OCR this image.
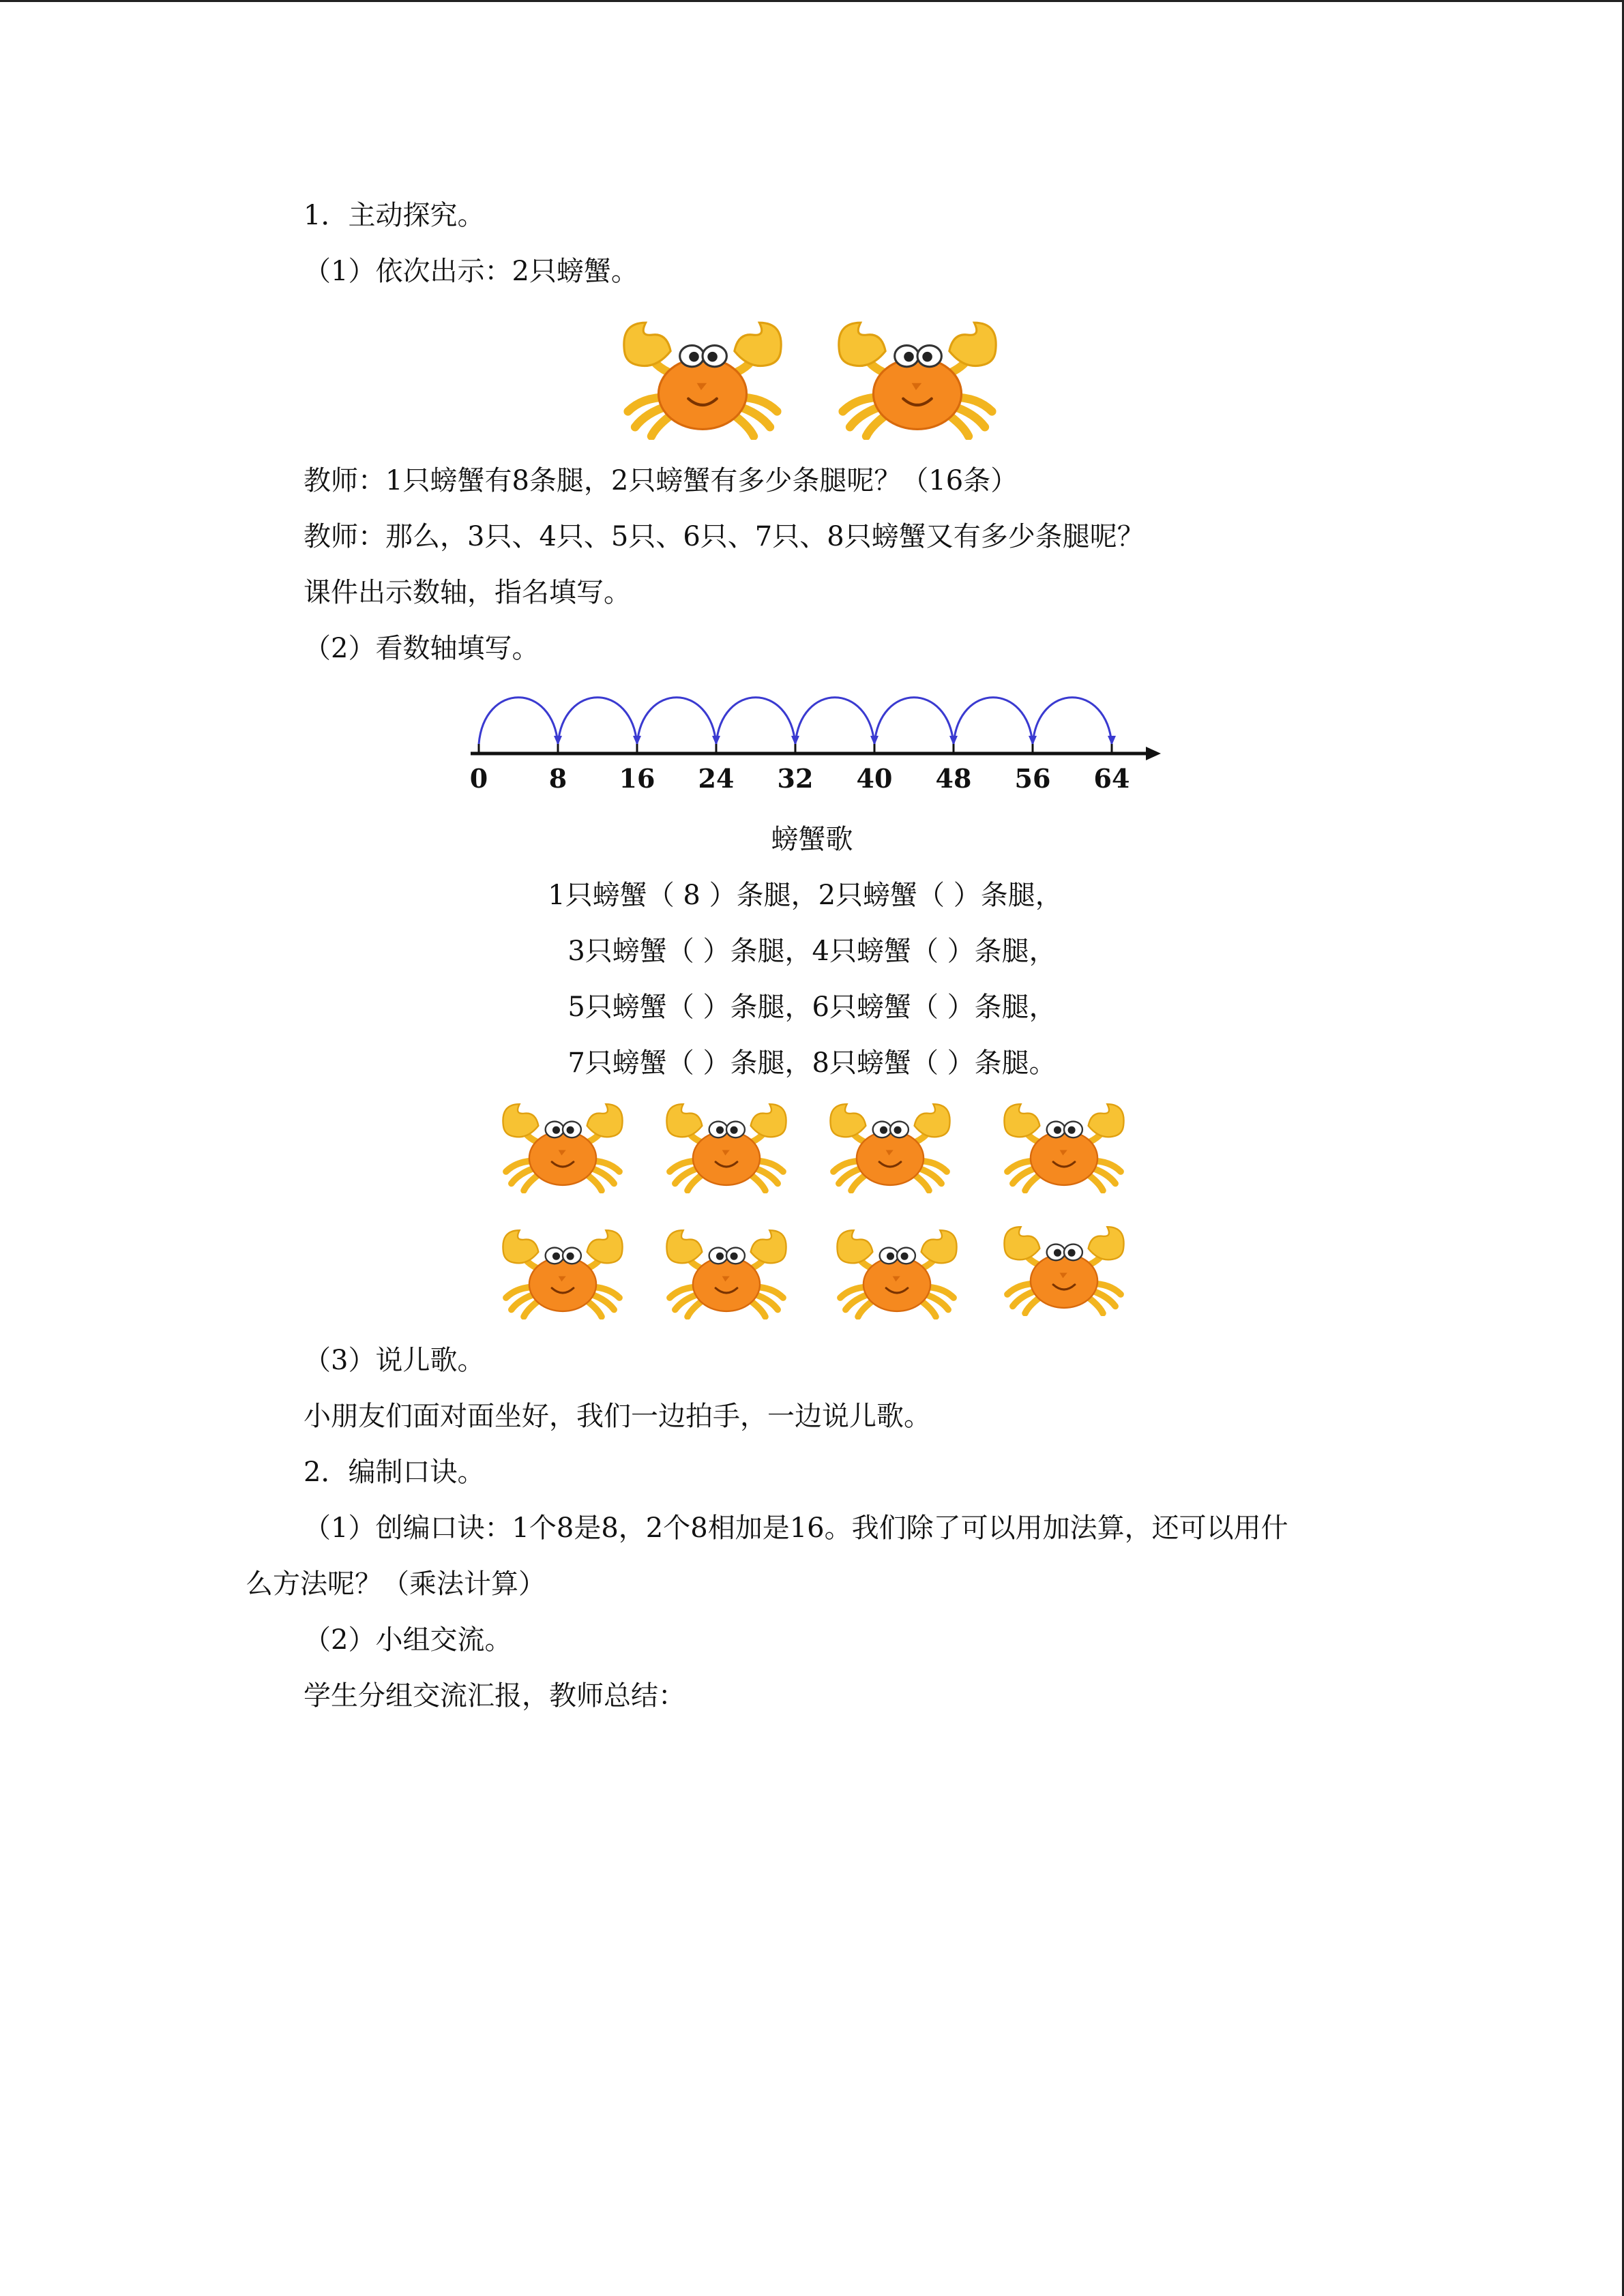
1．主动探究。
（1）依次出示：2只螃蟹。
教师：1只螃蟹有8条腿，2只螃蟹有多少条腿呢？（16条）
教师：那么，3只、4只、5只、6只、7只、8只螃蟹又有多少条腿呢？
课件出示数轴，指名填写。
（2）看数轴填写。
0 8 16 24 32 40 48 56 64
螃蟹歌
1只螃蟹（ 8 ）条腿，2只螃蟹（ ）条腿，
3只螃蟹（ ）条腿，4只螃蟹（ ）条腿，
5只螃蟹（ ）条腿，6只螃蟹（ ）条腿，
7只螃蟹（ ）条腿，8只螃蟹（ ）条腿。
（3）说儿歌。
小朋友们面对面坐好，我们一边拍手，一边说儿歌。
2．编制口诀。
（1）创编口诀：1个8是8，2个8相加是16。我们除了可以用加法算，还可以用什
么方法呢？（乘法计算）
（2）小组交流。
学生分组交流汇报，教师总结：
